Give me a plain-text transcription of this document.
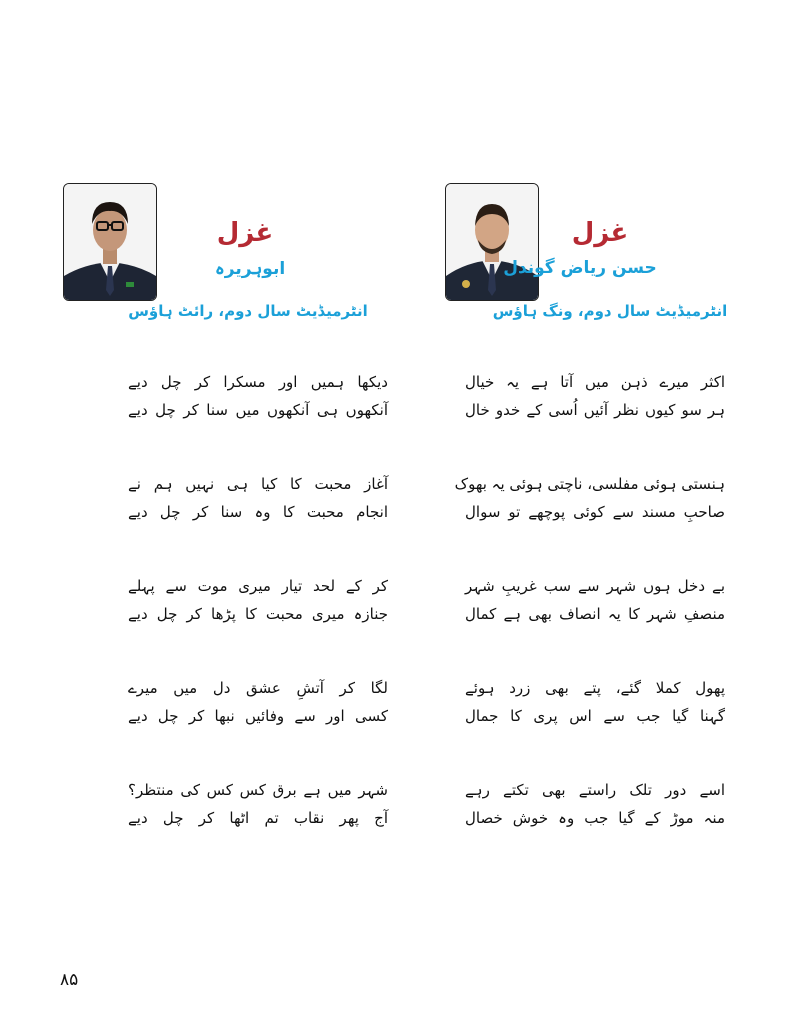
غزل
حسن ریاض گوندل
انٹرمیڈیٹ سال دوم، ونگ ہاؤس
غزل
ابوہریرہ
انٹرمیڈیٹ سال دوم، رائٹ ہاؤس
اکثر میرے ذہن میں آتا ہے یہ خیال
ہر سو کیوں نظر آئیں اُسی کے خدو خال
ہنستی ہوئی مفلسی، ناچتی ہوئی یہ بھوک
صاحبِ مسند سے کوئی پوچھے تو سوال
بے دخل ہوں شہر سے سب غریبِ شہر
منصفِ شہر کا یہ انصاف بھی ہے کمال
پھول کملا گئے، پتے بھی زرد ہوئے
گہنا گیا جب سے اس پری کا جمال
اسے دور تلک راستے بھی تکتے رہے
منہ موڑ کے گیا جب وہ خوش خصال
دیکھا ہمیں اور مسکرا کر چل دیے
آنکھوں ہی آنکھوں میں سنا کر چل دیے
آغاز محبت کا کیا ہی نہیں ہم نے
انجام محبت کا وہ سنا کر چل دیے
کر کے لحد تیار میری موت سے پہلے
جنازہ میری محبت کا پڑھا کر چل دیے
لگا کر آتشِ عشق دل میں میرے
کسی اور سے وفائیں نبھا کر چل دیے
شہر میں ہے برق کس کس کی منتظر؟
آج پھر نقاب تم اٹھا کر چل دیے
۸۵
